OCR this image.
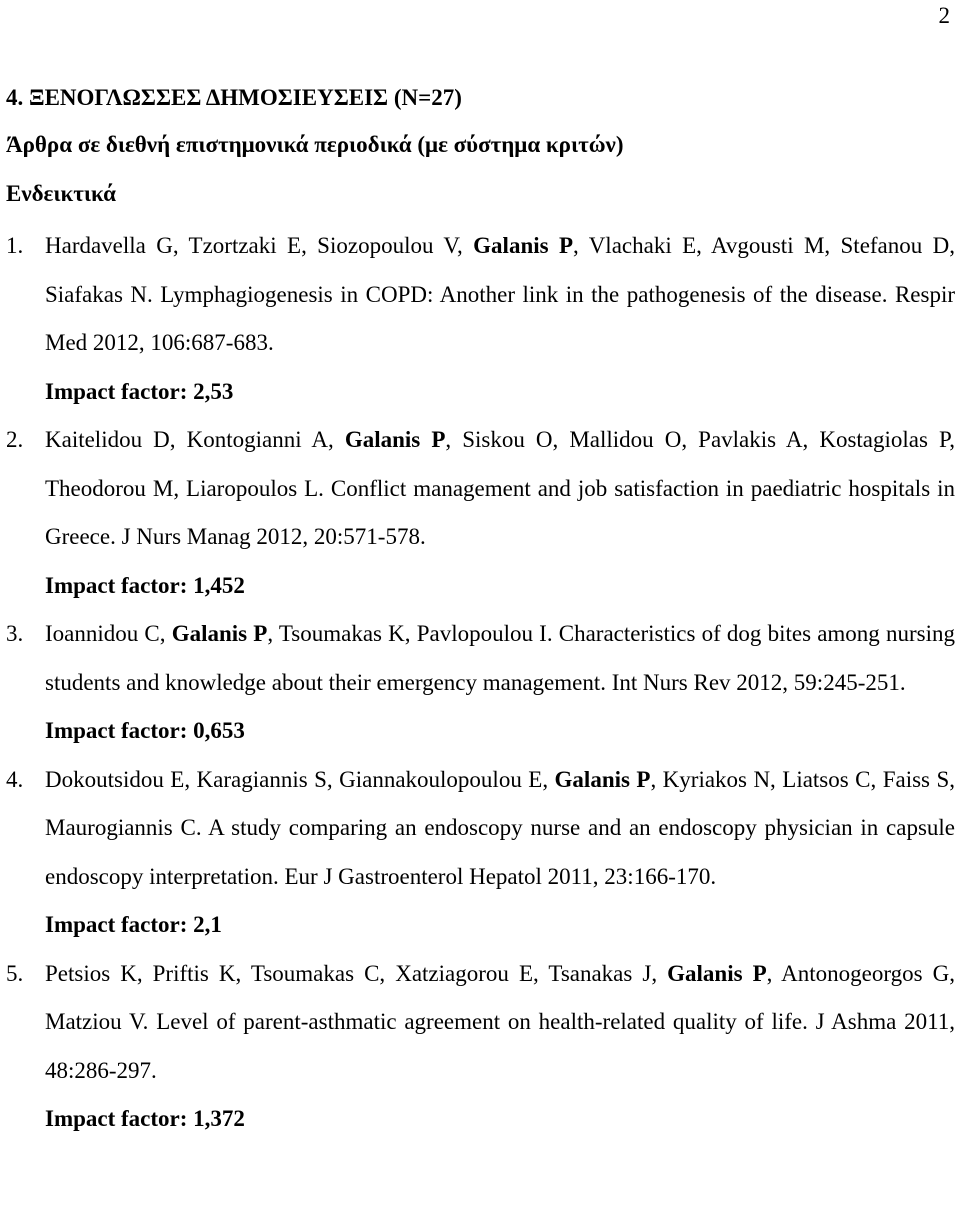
2
4. ΞΕΝΟΓΛΩΣΣΕΣ ΔΗΜΟΣΙΕΥΣΕΙΣ (Ν=27)
Άρθρα σε διεθνή επιστημονικά περιοδικά (με σύστημα κριτών)
Ενδεικτικά
1. Hardavella G, Tzortzaki E, Siozopoulou V, Galanis P, Vlachaki E, Avgousti M, Stefanou D, Siafakas N. Lymphagiogenesis in COPD: Another link in the pathogenesis of the disease. Respir Med 2012, 106:687-683.
Impact factor: 2,53
2. Kaitelidou D, Kontogianni A, Galanis P, Siskou O, Mallidou O, Pavlakis A, Kostagiolas P, Theodorou M, Liaropoulos L. Conflict management and job satisfaction in paediatric hospitals in Greece. J Nurs Manag 2012, 20:571-578.
Impact factor: 1,452
3. Ioannidou C, Galanis P, Tsoumakas K, Pavlopoulou I. Characteristics of dog bites among nursing students and knowledge about their emergency management. Int Nurs Rev 2012, 59:245-251.
Impact factor: 0,653
4. Dokoutsidou E, Karagiannis S, Giannakoulopoulou E, Galanis P, Kyriakos N, Liatsos C, Faiss S, Maurogiannis C. A study comparing an endoscopy nurse and an endoscopy physician in capsule endoscopy interpretation. Eur J Gastroenterol Hepatol 2011, 23:166-170.
Impact factor: 2,1
5. Petsios K, Priftis K, Tsoumakas C, Xatziagorou E, Tsanakas J, Galanis P, Antonogeorgos G, Matziou V. Level of parent-asthmatic agreement on health-related quality of life. J Ashma 2011, 48:286-297.
Impact factor: 1,372
